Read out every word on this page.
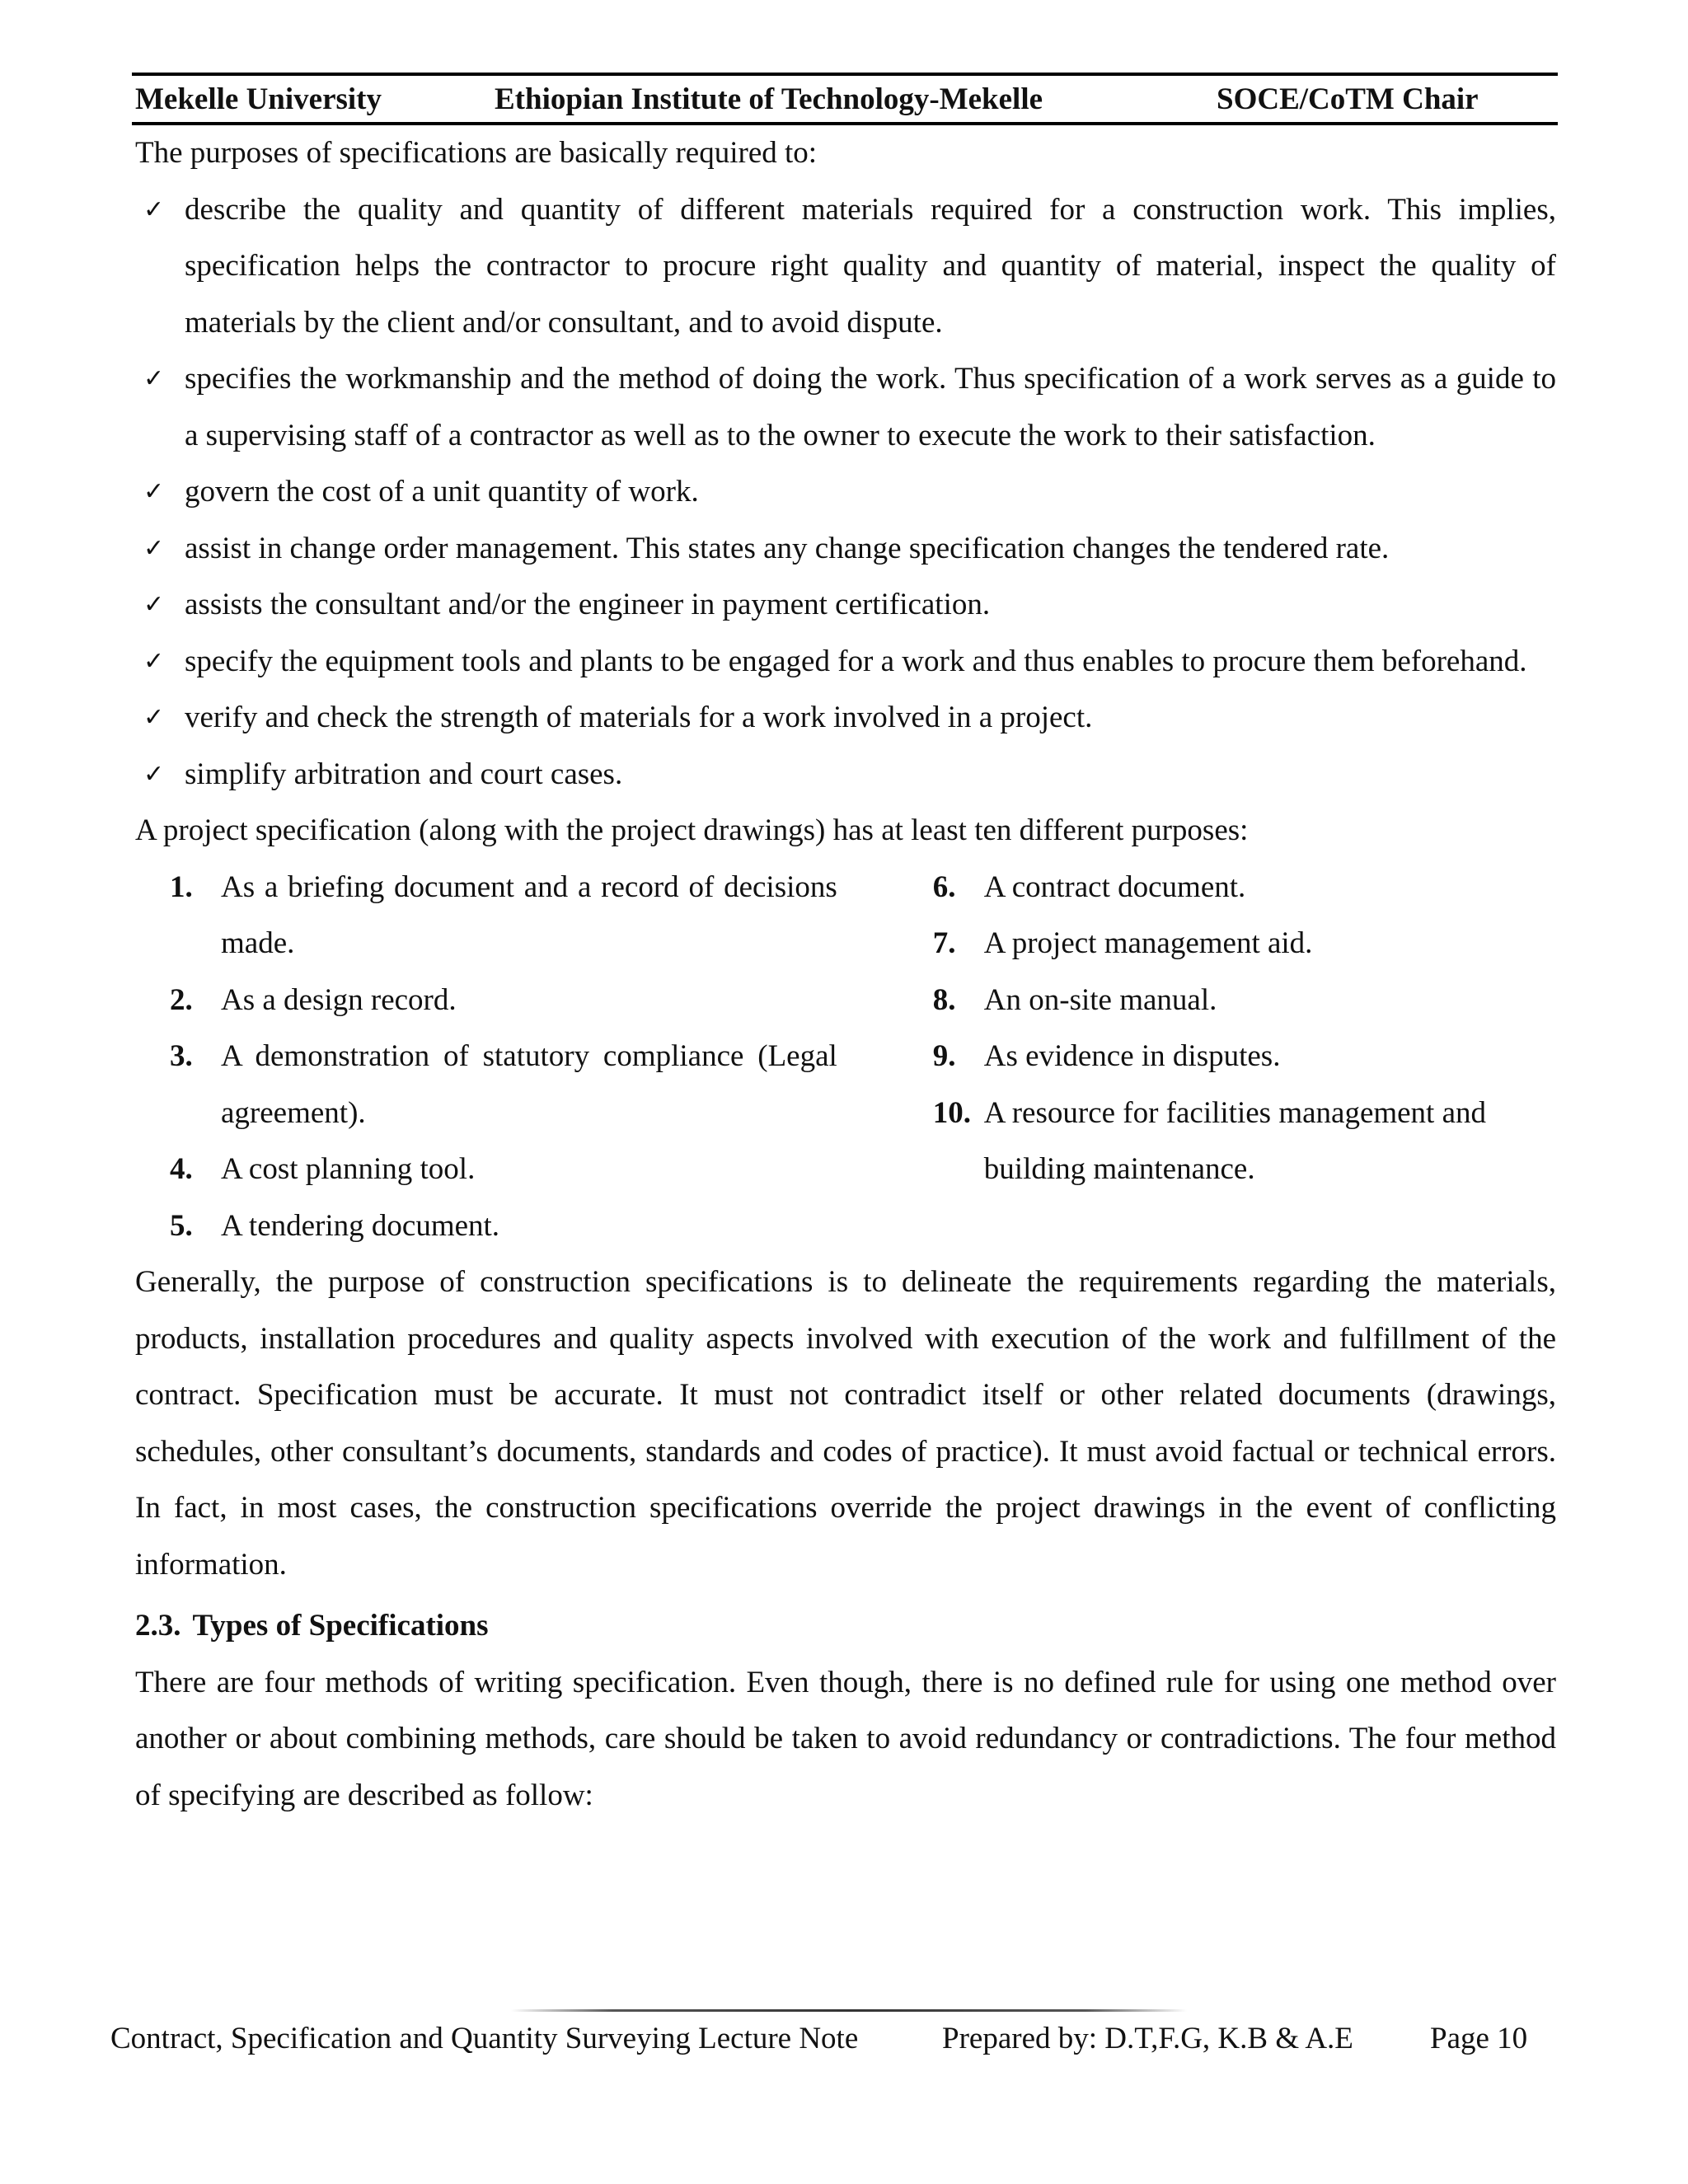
Mekelle University	Ethiopian Institute of Technology-Mekelle	SOCE/CoTM Chair

The purposes of specifications are basically required to:

✓ describe the quality and quantity of different materials required for a construction work. This implies, specification helps the contractor to procure right quality and quantity of material, inspect the quality of materials by the client and/or consultant, and to avoid dispute.
✓ specifies the workmanship and the method of doing the work. Thus specification of a work serves as a guide to a supervising staff of a contractor as well as to the owner to execute the work to their satisfaction.
✓ govern the cost of a unit quantity of work.
✓ assist in change order management. This states any change specification changes the tendered rate.
✓ assists the consultant and/or the engineer in payment certification.
✓ specify the equipment tools and plants to be engaged for a work and thus enables to procure them beforehand.
✓ verify and check the strength of materials for a work involved in a project.
✓ simplify arbitration and court cases.

A project specification (along with the project drawings) has at least ten different purposes:

1. As a briefing document and a record of decisions made.
2. As a design record.
3. A demonstration of statutory compliance (Legal agreement).
4. A cost planning tool.
5. A tendering document.
6. A contract document.
7. A project management aid.
8. An on-site manual.
9. As evidence in disputes.
10. A resource for facilities management and building maintenance.

Generally, the purpose of construction specifications is to delineate the requirements regarding the materials, products, installation procedures and quality aspects involved with execution of the work and fulfillment of the contract. Specification must be accurate. It must not contradict itself or other related documents (drawings, schedules, other consultant’s documents, standards and codes of practice). It must avoid factual or technical errors. In fact, in most cases, the construction specifications override the project drawings in the event of conflicting information.

2.3. Types of Specifications

There are four methods of writing specification. Even though, there is no defined rule for using one method over another or about combining methods, care should be taken to avoid redundancy or contradictions. The four method of specifying are described as follow:

Contract, Specification and Quantity Surveying Lecture Note	Prepared by: D.T,F.G, K.B & A.E	Page 10
